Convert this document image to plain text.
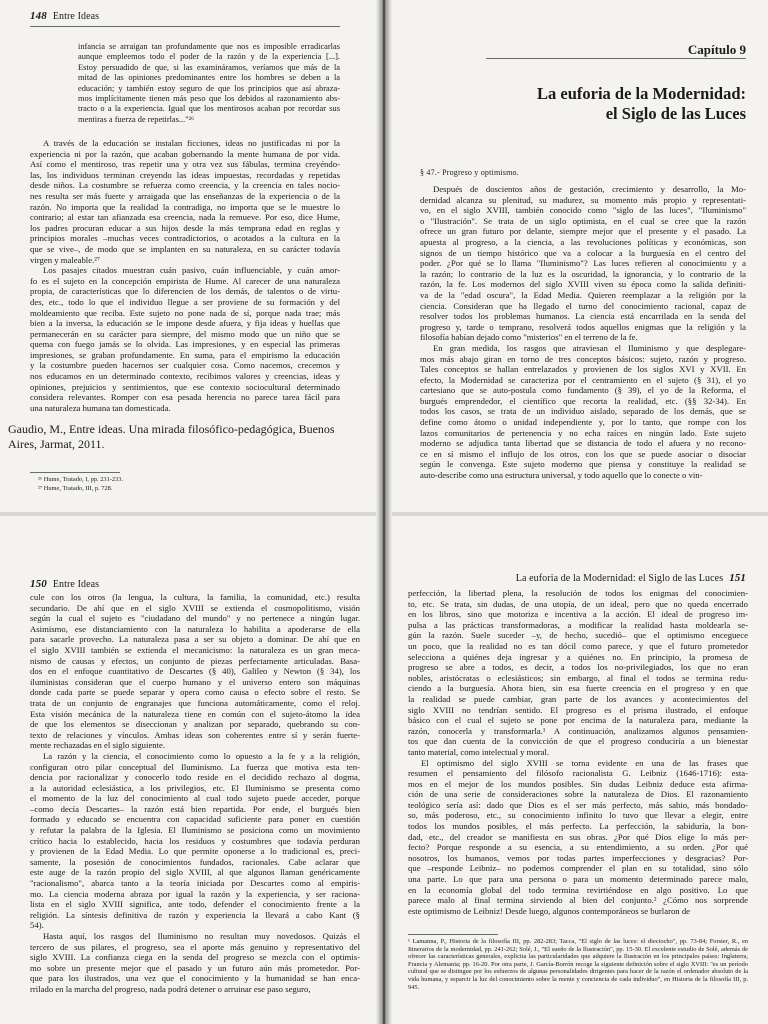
148 Entre Ideas

infancia se arraigan tan profundamente que nos es imposible erradicarlas

aunque empleemos todo el poder de la razón y de la experiencia [...].

Estoy persuadido de que, si las examináramos, veríamos que más de la

mitad de las opiniones predominantes entre los hombres se deben a la

educación; y también estoy seguro de que los principios que así abraza-

mos implícitamente tienen más peso que los debidos al razonamiento abs-

tracto o a la experiencia. Igual que los mentirosos acaban por recordar sus

mentiras a fuerza de repetirlas..."²⁶

A través de la educación se instalan ficciones, ideas no justificadas ni por la

experiencia ni por la razón, que acaban gobernando la mente humana de por vida.

Así como el mentiroso, tras repetir una y otra vez sus fábulas, termina creyéndo-

las, los individuos terminan creyendo las ideas impuestas, recordadas y repetidas

desde niños. La costumbre se refuerza como creencia, y la creencia en tales nocio-

nes resulta ser más fuerte y arraigada que las enseñanzas de la experiencia o de la

razón. No importa que la realidad la contradiga, no importa que se le muestre lo

contrario; al estar tan afianzada esa creencia, nada la remueve. Por eso, dice Hume,

los padres procuran educar a sus hijos desde la más temprana edad en reglas y

principios morales –muchas veces contradictorios, o acotados a la cultura en la

que se vive–, de modo que se implanten en su naturaleza, en su carácter todavía

virgen y maleable.²⁷

Los pasajes citados muestran cuán pasivo, cuán influenciable, y cuán amor-

fo es el sujeto en la concepción empirista de Hume. Al carecer de una naturaleza

propia, de características que lo diferencien de los demás, de talentos o de virtu-

des, etc., todo lo que el individuo llegue a ser proviene de su formación y del

moldeamiento que reciba. Este sujeto no pone nada de sí, porque nada trae; más

bien a la inversa, la educación se le impone desde afuera, y fija ideas y huellas que

permanecerán en su carácter para siempre, del mismo modo que un niño que se

quema con fuego jamás se lo olvida. Las impresiones, y en especial las primeras

impresiones, se graban profundamente. En suma, para el empirismo la educación

y la costumbre pueden hacernos ser cualquier cosa. Como nacemos, crecemos y

nos educamos en un determinado contexto, recibimos valores y creencias, ideas y

opiniones, prejuicios y sentimientos, que ese contexto sociocultural determinado

considera relevantes. Romper con esa pesada herencia no parece tarea fácil para

una naturaleza humana tan domesticada.

Gaudio, M., Entre ideas. Una mirada filosófico-pedagógica, Buenos Aires, Jarmat, 2011.

²⁶ Hume, Tratado, I, pp. 231-233.

²⁷ Hume, Tratado, III, p. 728.

Capítulo 9
La euforia de la Modernidad:
el Siglo de las Luces
§ 47.- Progreso y optimismo.

Después de doscientos años de gestación, crecimiento y desarrollo, la Mo-

dernidad alcanza su plenitud, su madurez, su momento más propio y representati-

vo, en el siglo XVIII, también conocido como "siglo de las luces", "Iluminismo"

o "Ilustración". Se trata de un siglo optimista, en el cual se cree que la razón

ofrece un gran futuro por delante, siempre mejor que el presente y el pasado. La

apuesta al progreso, a la ciencia, a las revoluciones políticas y económicas, son

signos de un tiempo histórico que va a colocar a la burguesía en el centro del

poder. ¿Por qué se lo llama "Iluminismo"? Las luces refieren al conocimiento y a

la razón; lo contrario de la luz es la oscuridad, la ignorancia, y lo contrario de la

razón, la fe. Los modernos del siglo XVIII viven su época como la salida definiti-

va de la "edad oscura", la Edad Media. Quieren reemplazar a la religión por la

ciencia. Consideran que ha llegado el turno del conocimiento racional, capaz de

resolver todos los problemas humanos. La ciencia está encarrilada en la senda del

progreso y, tarde o temprano, resolverá todos aquellos enigmas que la religión y la

filosofía habían dejado como "misterios" en el terreno de la fe.

En gran medida, los rasgos que atraviesan el Iluminismo y que desplegare-

mos más abajo giran en torno de tres conceptos básicos: sujeto, razón y progreso.

Tales conceptos se hallan entrelazados y provienen de los siglos XVI y XVII. En

efecto, la Modernidad se caracteriza por el centramiento en el sujeto (§ 31), el yo

cartesiano que se auto-postula como fundamento (§ 39), el yo de la Reforma, el

burgués emprendedor, el científico que recorta la realidad, etc. (§§ 32-34). En

todos los casos, se trata de un individuo aislado, separado de los demás, que se

define como átomo o unidad independiente y, por lo tanto, que rompe con los

lazos comunitarios de pertenencia y no echa raíces en ningún lado. Este sujeto

moderno se adjudica tanta libertad que se distancia de todo el afuera y no recono-

ce en sí mismo el influjo de los otros, con los que se puede asociar o disociar

según le convenga. Este sujeto moderno que piensa y constituye la realidad se

auto-describe como una estructura universal, y todo aquello que lo conecte o vin-

150 Entre Ideas

cule con los otros (la lengua, la cultura, la familia, la comunidad, etc.) resulta

secundario. De ahí que en el siglo XVIII se extienda el cosmopolitismo, visión

según la cual el sujeto es "ciudadano del mundo" y no pertenece a ningún lugar.

Asimismo, ese distanciamiento con la naturaleza lo habilita a apoderarse de ella

para sacarle provecho. La naturaleza pasa a ser su objeto a dominar. De ahí que en

el siglo XVIII también se extienda el mecanicismo: la naturaleza es un gran meca-

nismo de causas y efectos, un conjunto de piezas perfectamente articuladas. Basa-

dos en el enfoque cuantitativo de Descartes (§ 40), Galileo y Newton (§ 34), los

iluministas consideran que el cuerpo humano y el universo entero son máquinas

donde cada parte se puede separar y opera como causa o efecto sobre el resto. Se

trata de un conjunto de engranajes que funciona automáticamente, como el reloj.

Esta visión mecánica de la naturaleza tiene en común con el sujeto-átomo la idea

de que los elementos se diseccionan y analizan por separado, quebrando su con-

texto de relaciones y vínculos. Ambas ideas son coherentes entre sí y serán fuerte-

mente rechazadas en el siglo siguiente.

La razón y la ciencia, el conocimiento como lo opuesto a la fe y a la religión,

configuran otro pilar conceptual del Iluminismo. La fuerza que motiva esta ten-

dencia por racionalizar y conocerlo todo reside en el decidido rechazo al dogma,

a la autoridad eclesiástica, a los privilegios, etc. El Iluminismo se presenta como

el momento de la luz del conocimiento al cual todo sujeto puede acceder, porque

–como decía Descartes– la razón está bien repartida. Por ende, el burgués bien

formado y educado se encuentra con capacidad suficiente para poner en cuestión

y refutar la palabra de la Iglesia. El Iluminismo se posiciona como un movimiento

crítico hacia lo establecido, hacia los residuos y costumbres que todavía perduran

y provienen de la Edad Media. Lo que permite oponerse a lo tradicional es, preci-

samente, la posesión de conocimientos fundados, racionales. Cabe aclarar que

este auge de la razón propio del siglo XVIII, al que algunos llaman genéricamente

"racionalismo", abarca tanto a la teoría iniciada por Descartes como al empiris-

mo. La ciencia moderna abraza por igual la razón y la experiencia, y ser raciona-

lista en el siglo XVIII significa, ante todo, defender el conocimiento frente a la

religión. La síntesis definitiva de razón y experiencia la llevará a cabo Kant (§

54).

Hasta aquí, los rasgos del Iluminismo no resultan muy novedosos. Quizás el

tercero de sus pilares, el progreso, sea el aporte más genuino y representativo del

siglo XVIII. La confianza ciega en la senda del progreso se mezcla con el optimis-

mo sobre un presente mejor que el pasado y un futuro aún más prometedor. Por-

que para los ilustrados, una vez que el conocimiento y la humanidad se han enca-

rrilado en la marcha del progreso, nada podrá detener o arruinar ese paso seguro,

La euforia de la Modernidad: el Siglo de las Luces 151

perfección, la libertad plena, la resolución de todos los enigmas del conocimien-

to, etc. Se trata, sin dudas, de una utopía, de un ideal, pero que no queda encerrado

en los libros, sino que motoriza e incentiva a la acción. El ideal de progreso im-

pulsa a las prácticas transformadoras, a modificar la realidad hasta moldearla se-

gún la razón. Suele suceder –y, de hecho, sucedió– que el optimismo enceguece

un poco, que la realidad no es tan dócil como parece, y que el futuro prometedor

selecciona a quiénes deja ingresar y a quiénes no. En principio, la promesa de

progreso se abre a todos, es decir, a todos los no-privilegiados, los que no eran

nobles, aristócratas o eclesiásticos; sin embargo, al final el todos se termina redu-

ciendo a la burguesía. Ahora bien, sin esa fuerte creencia en el progreso y en que

la realidad se puede cambiar, gran parte de los avances y acontecimientos del

siglo XVIII no tendrían sentido. El progreso es el prisma ilustrado, el enfoque

básico con el cual el sujeto se pone por encima de la naturaleza para, mediante la

razón, conocerla y transformarla.¹ A continuación, analizamos algunos pensamien-

tos que dan cuenta de la convicción de que el progreso conduciría a un bienestar

tanto material, como intelectual y moral.

El optimismo del siglo XVIII se torna evidente en una de las frases que

resumen el pensamiento del filósofo racionalista G. Leibniz (1646-1716): esta-

mos en el mejor de los mundos posibles. Sin dudas Leibniz deduce esta afirma-

ción de una serie de consideraciones sobre la naturaleza de Dios. El razonamiento

teológico sería así: dado que Dios es el ser más perfecto, más sabio, más bondado-

so, más poderoso, etc., su conocimiento infinito lo tuvo que llevar a elegir, entre

todos los mundos posibles, el más perfecto. La perfección, la sabiduría, la bon-

dad, etc., del creador se manifiesta en sus obras. ¿Por qué Dios elige lo más per-

fecto? Porque responde a su esencia, a su entendimiento, a su orden. ¿Por qué

nosotros, los humanos, vemos por todas partes imperfecciones y desgracias? Por-

que –responde Leibniz– no podemos comprender el plan en su totalidad, sino sólo

una parte. Lo que para una persona o para un momento determinado parece malo,

en la economía global del todo termina revirtiéndose en algo positivo. Lo que

parece malo al final termina sirviendo al bien del conjunto.² ¿Cómo nos sorprende

este optimismo de Leibniz! Desde luego, algunos contemporáneos se burlaron de

¹ Lamanna, P., Historia de la filosofía III, pp. 282-283; Tacca, "El siglo de las luces: el dieciocho", pp. 73-84; Forster, R., en Itinerarios de la modernidad, pp. 241-262; Solé, J., "El sueño de la Ilustración", pp. 15-30. El excelente estudio de Solé, además de ofrecer las características generales, explicita las particularidades que adquiere la Ilustración en los principales países: Inglaterra, Francia y Alemania; pp. 16-20. Por otra parte, J. García-Borrón recoge la siguiente definición sobre el siglo XVIII: "es un período cultural que se distingue por los esfuerzos de algunas personalidades dirigentes para hacer de la razón el ordenador absoluto de la vida humana, y esparcir la luz del conocimiento sobre la mente y conciencia de cada individuo", en Historia de la filosofía III, p. 945.
